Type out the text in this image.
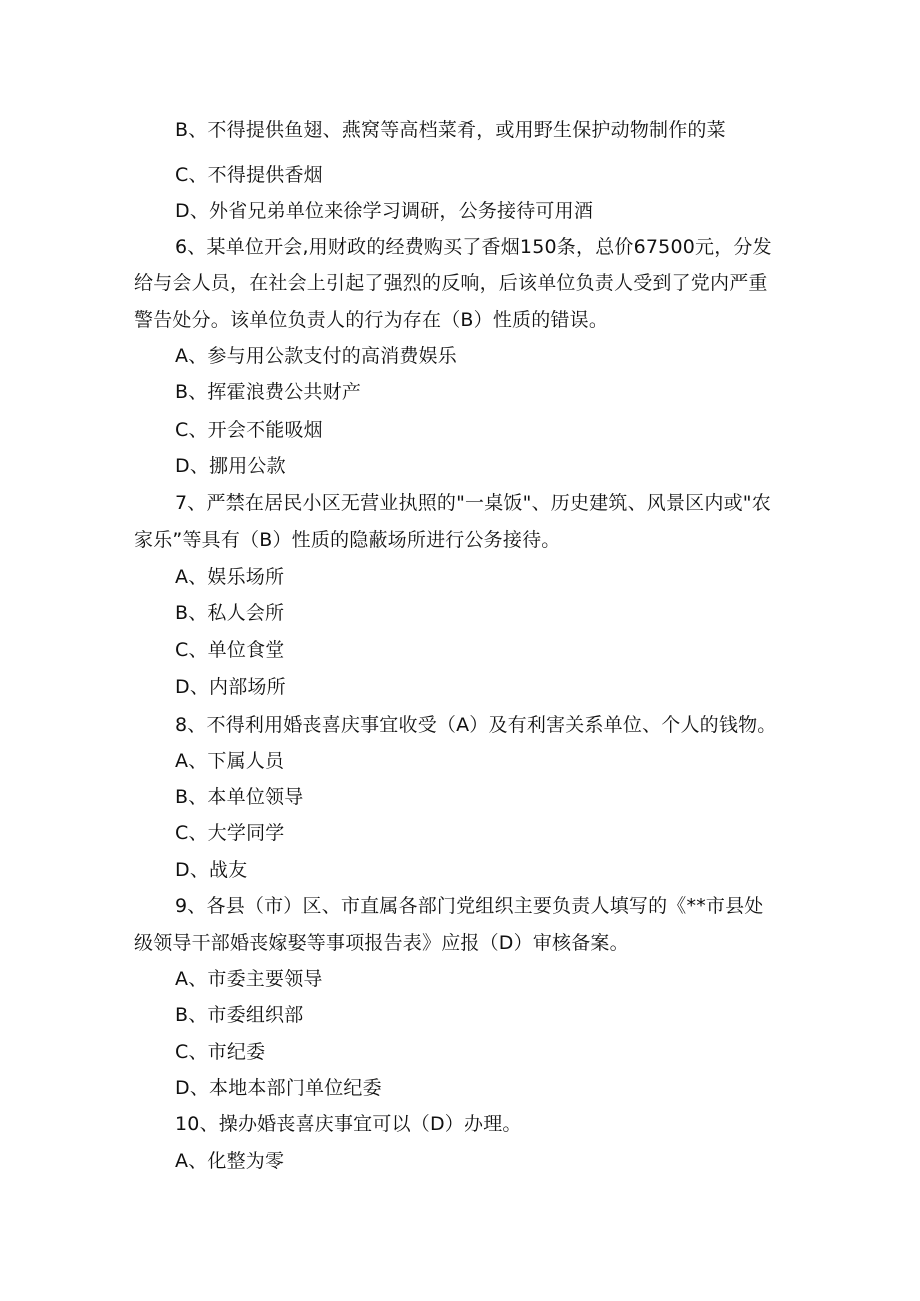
B、不得提供鱼翅、燕窝等高档菜肴，或用野生保护动物制作的菜
C、不得提供香烟
D、外省兄弟单位来徐学习调研，公务接待可用酒
6、某单位开会,用财政的经费购买了香烟150条，总价67500元，分发
给与会人员，在社会上引起了强烈的反响，后该单位负责人受到了党内严重
警告处分。该单位负责人的行为存在（B）性质的错误。
A、参与用公款支付的高消费娱乐
B、挥霍浪费公共财产
C、开会不能吸烟
D、挪用公款
7、严禁在居民小区无营业执照的"一桌饭"、历史建筑、风景区内或"农
家乐”等具有（B）性质的隐蔽场所进行公务接待。
A、娱乐场所
B、私人会所
C、单位食堂
D、内部场所
8、不得利用婚丧喜庆事宜收受（A）及有利害关系单位、个人的钱物。
A、下属人员
B、本单位领导
C、大学同学
D、战友
9、各县（市）区、市直属各部门党组织主要负责人填写的《**市县处
级领导干部婚丧嫁娶等事项报告表》应报（D）审核备案。
A、市委主要领导
B、市委组织部
C、市纪委
D、本地本部门单位纪委
10、操办婚丧喜庆事宜可以（D）办理。
A、化整为零
